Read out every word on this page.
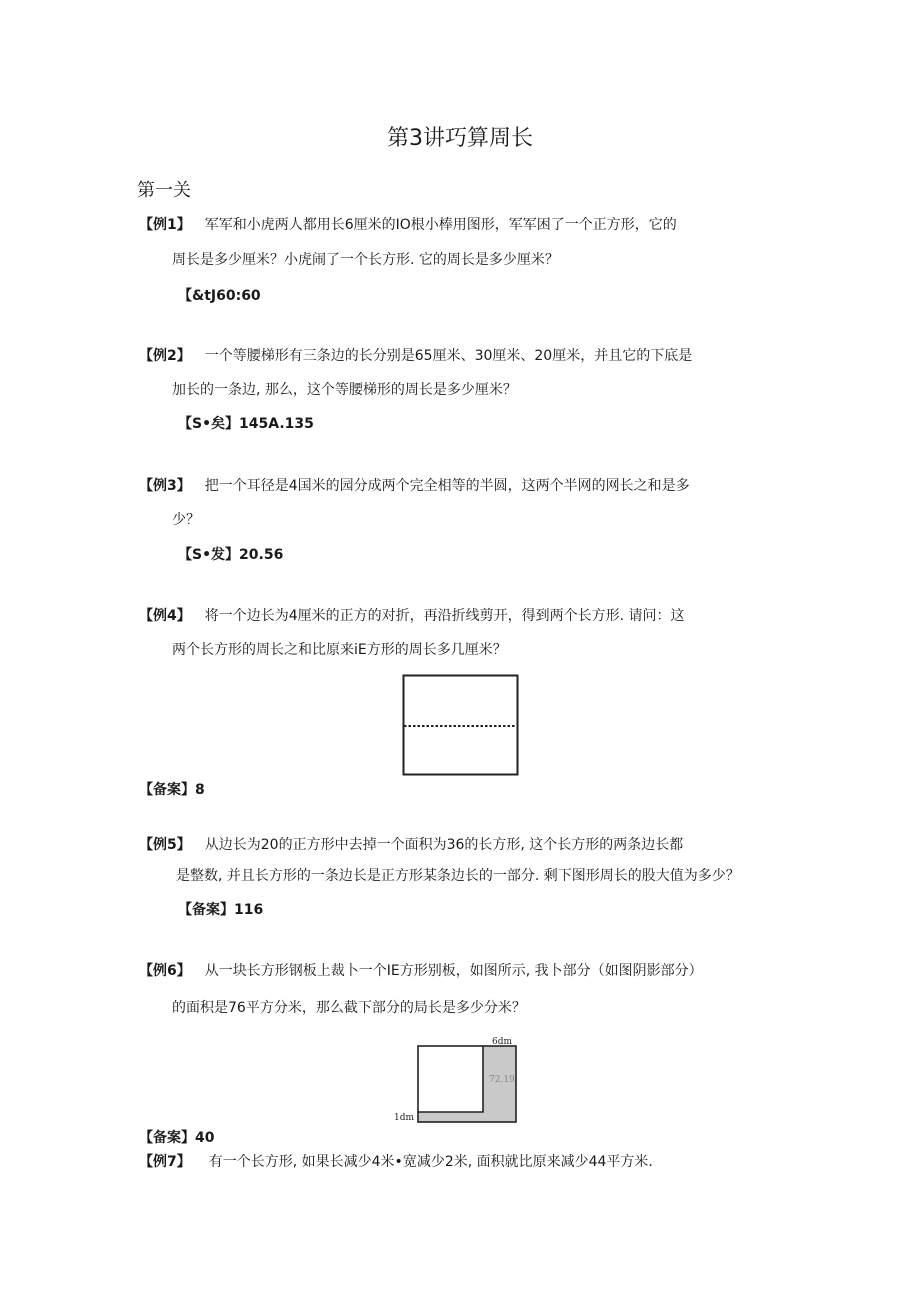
第3讲巧算周长
第一关
【例1】 军军和小虎两人都用长6厘米的IO根小棒用图形，军军困了一个正方形，它的
周长是多少厘米？小虎闹了一个长方形. 它的周长是多少厘米？
【&tJ60:60
【例2】 一个等腰梯形有三条边的长分别是65厘米、30厘米、20厘米，并且它的下底是
加长的一条边, 那么，这个等腰梯形的周长是多少厘米？
【S•矣】145A.135
【例3】 把一个耳径是4国米的园分成两个完全相等的半圆，这两个半网的网长之和是多
少？
【S•发】20.56
【例4】 将一个边长为4厘米的正方的对折，再沿折线剪开，得到两个长方形. 请问：这
两个长方形的周长之和比原来iE方形的周长多几厘米？
【备案】8
【例5】 从边长为20的正方形中去掉一个面积为36的长方形, 这个长方形的两条边长都
是整数, 并且长方形的一条边长是正方形某条边长的一部分. 剩下图形周长的股大值为多少？
【备案】116
【例6】 从一块长方形钢板上裁卜一个IE方形别板，如图所示, 我卜部分（如图阴影部分）
的面积是76平方分米，那么截下部分的局长是多少分米？
6dm
1dm
72.19
【备案】40
【例7】 有一个长方形, 如果长减少4米•宽减少2米, 面积就比原来减少44平方米.
